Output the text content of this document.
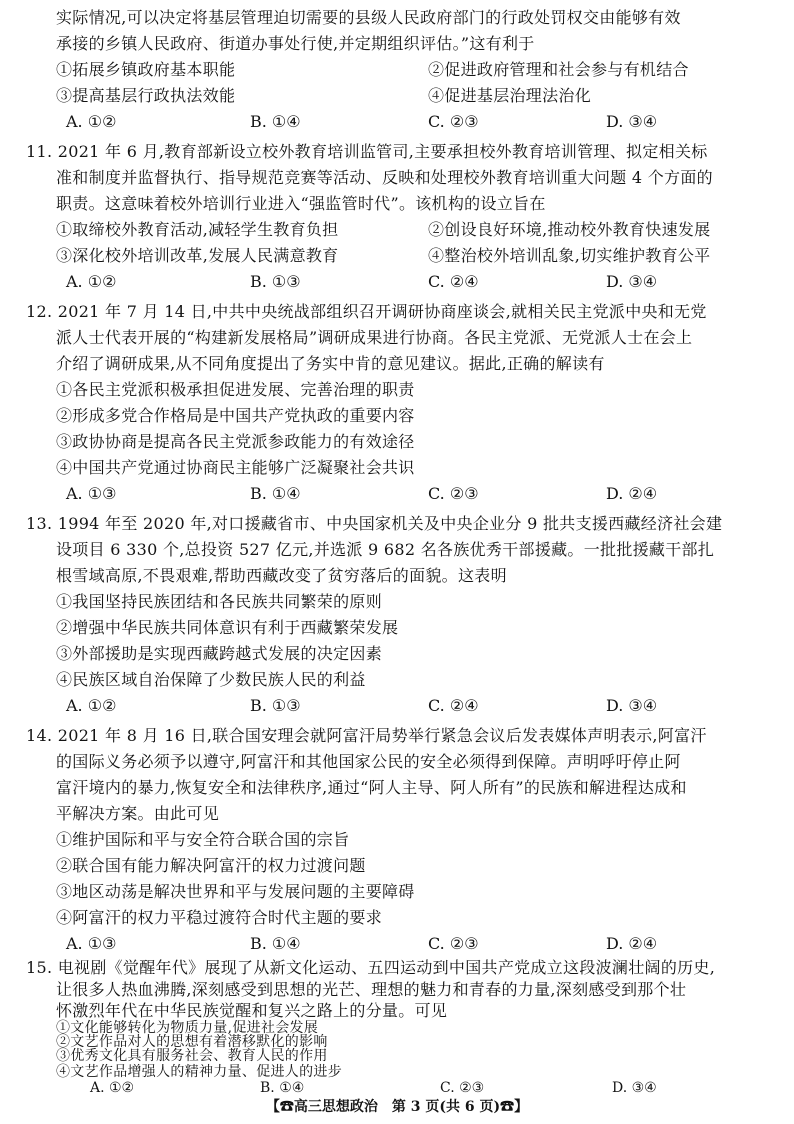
实际情况,可以决定将基层管理迫切需要的县级人民政府部门的行政处罚权交由能够有效
承接的乡镇人民政府、街道办事处行使,并定期组织评估。”这有利于
①拓展乡镇政府基本职能	②促进政府管理和社会参与有机结合
③提高基层行政执法效能	④促进基层治理法治化
A. ①②	B. ①④	C. ②③	D. ③④
11. 2021 年 6 月,教育部新设立校外教育培训监管司,主要承担校外教育培训管理、拟定相关标
准和制度并监督执行、指导规范竞赛等活动、反映和处理校外教育培训重大问题 4 个方面的
职责。这意味着校外培训行业进入“强监管时代”。该机构的设立旨在
①取缔校外教育活动,减轻学生教育负担	②创设良好环境,推动校外教育快速发展
③深化校外培训改革,发展人民满意教育	④整治校外培训乱象,切实维护教育公平
A. ①②	B. ①③	C. ②④	D. ③④
12. 2021 年 7 月 14 日,中共中央统战部组织召开调研协商座谈会,就相关民主党派中央和无党
派人士代表开展的“构建新发展格局”调研成果进行协商。各民主党派、无党派人士在会上
介绍了调研成果,从不同角度提出了务实中肯的意见建议。据此,正确的解读有
①各民主党派积极承担促进发展、完善治理的职责
②形成多党合作格局是中国共产党执政的重要内容
③政协协商是提高各民主党派参政能力的有效途径
④中国共产党通过协商民主能够广泛凝聚社会共识
A. ①③	B. ①④	C. ②③	D. ②④
13. 1994 年至 2020 年,对口援藏省市、中央国家机关及中央企业分 9 批共支援西藏经济社会建
设项目 6 330 个,总投资 527 亿元,并选派 9 682 名各族优秀干部援藏。一批批援藏干部扎
根雪域高原,不畏艰难,帮助西藏改变了贫穷落后的面貌。这表明
①我国坚持民族团结和各民族共同繁荣的原则
②增强中华民族共同体意识有利于西藏繁荣发展
③外部援助是实现西藏跨越式发展的决定因素
④民族区域自治保障了少数民族人民的利益
A. ①②	B. ①③	C. ②④	D. ③④
14. 2021 年 8 月 16 日,联合国安理会就阿富汗局势举行紧急会议后发表媒体声明表示,阿富汗
的国际义务必须予以遵守,阿富汗和其他国家公民的安全必须得到保障。声明呼吁停止阿
富汗境内的暴力,恢复安全和法律秩序,通过“阿人主导、阿人所有”的民族和解进程达成和
平解决方案。由此可见
①维护国际和平与安全符合联合国的宗旨
②联合国有能力解决阿富汗的权力过渡问题
③地区动荡是解决世界和平与发展问题的主要障碍
④阿富汗的权力平稳过渡符合时代主题的要求
A. ①③	B. ①④	C. ②③	D. ②④
15. 电视剧《觉醒年代》展现了从新文化运动、五四运动到中国共产党成立这段波澜壮阔的历史,
让很多人热血沸腾,深刻感受到思想的光芒、理想的魅力和青春的力量,深刻感受到那个壮
怀激烈年代在中华民族觉醒和复兴之路上的分量。可见
①文化能够转化为物质力量,促进社会发展
②文艺作品对人的思想有着潜移默化的影响
③优秀文化具有服务社会、教育人民的作用
④文艺作品增强人的精神力量、促进人的进步
【☎高三思想政治　第 3 页(共 6 页)☎】
A. ①②	B. ①④	C. ②③	D. ③④
